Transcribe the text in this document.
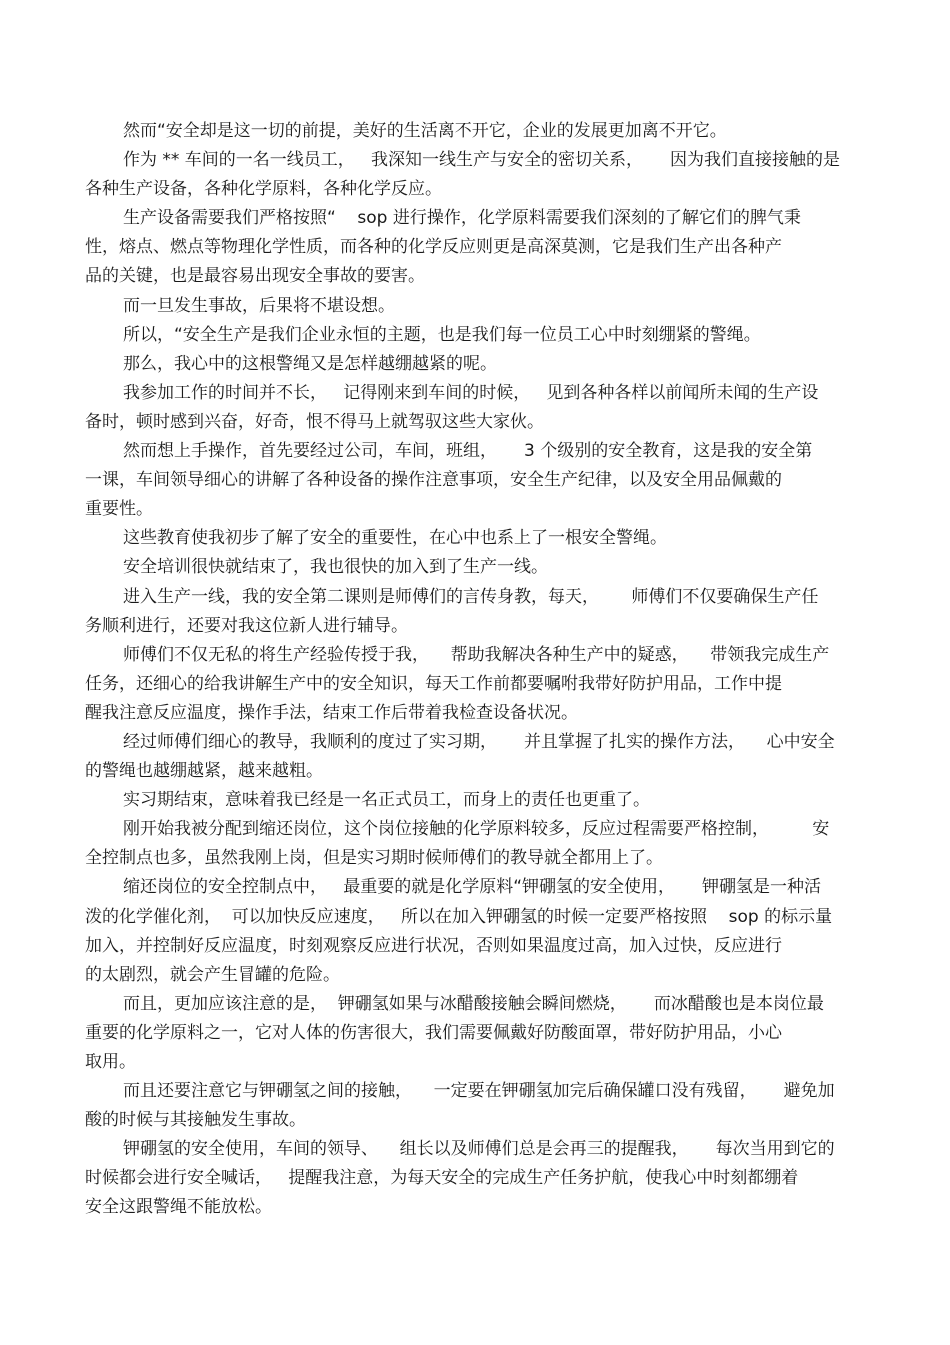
然而“安全却是这一切的前提，美好的生活离不开它，企业的发展更加离不开它。
作为 ** 车间的一名一线员工，   我深知一线生产与安全的密切关系，     因为我们直接接触的是
各种生产设备，各种化学原料，各种化学反应。
生产设备需要我们严格按照“    sop 进行操作，化学原料需要我们深刻的了解它们的脾气秉
性，熔点、燃点等物理化学性质，而各种的化学反应则更是高深莫测，它是我们生产出各种产
品的关键，也是最容易出现安全事故的要害。
而一旦发生事故，后果将不堪设想。
所以，“安全生产是我们企业永恒的主题，也是我们每一位员工心中时刻绷紧的警绳。
那么，我心中的这根警绳又是怎样越绷越紧的呢。
我参加工作的时间并不长，   记得刚来到车间的时候，   见到各种各样以前闻所未闻的生产设
备时，顿时感到兴奋，好奇，恨不得马上就驾驭这些大家伙。
然而想上手操作，首先要经过公司，车间，班组，     3 个级别的安全教育，这是我的安全第
一课，车间领导细心的讲解了各种设备的操作注意事项，安全生产纪律，以及安全用品佩戴的
重要性。
这些教育使我初步了解了安全的重要性，在心中也系上了一根安全警绳。
安全培训很快就结束了，我也很快的加入到了生产一线。
进入生产一线，我的安全第二课则是师傅们的言传身教，每天，      师傅们不仅要确保生产任
务顺利进行，还要对我这位新人进行辅导。
师傅们不仅无私的将生产经验传授于我，    帮助我解决各种生产中的疑惑，    带领我完成生产
任务，还细心的给我讲解生产中的安全知识，每天工作前都要嘱咐我带好防护用品，工作中提
醒我注意反应温度，操作手法，结束工作后带着我检查设备状况。
经过师傅们细心的教导，我顺利的度过了实习期，     并且掌握了扎实的操作方法，    心中安全
的警绳也越绷越紧，越来越粗。
实习期结束，意味着我已经是一名正式员工，而身上的责任也更重了。
刚开始我被分配到缩还岗位，这个岗位接触的化学原料较多，反应过程需要严格控制，        安
全控制点也多，虽然我刚上岗，但是实习期时候师傅们的教导就全都用上了。
缩还岗位的安全控制点中，   最重要的就是化学原料“钾硼氢的安全使用，     钾硼氢是一种活
泼的化学催化剂，  可以加快反应速度，   所以在加入钾硼氢的时候一定要严格按照    sop 的标示量
加入，并控制好反应温度，时刻观察反应进行状况，否则如果温度过高，加入过快，反应进行
的太剧烈，就会产生冒罐的危险。
而且，更加应该注意的是，  钾硼氢如果与冰醋酸接触会瞬间燃烧，     而冰醋酸也是本岗位最
重要的化学原料之一，它对人体的伤害很大，我们需要佩戴好防酸面罩，带好防护用品，小心
取用。
而且还要注意它与钾硼氢之间的接触，    一定要在钾硼氢加完后确保罐口没有残留，     避免加
酸的时候与其接触发生事故。
钾硼氢的安全使用，车间的领导、    组长以及师傅们总是会再三的提醒我，     每次当用到它的
时候都会进行安全喊话，   提醒我注意，为每天安全的完成生产任务护航，使我心中时刻都绷着
安全这跟警绳不能放松。
